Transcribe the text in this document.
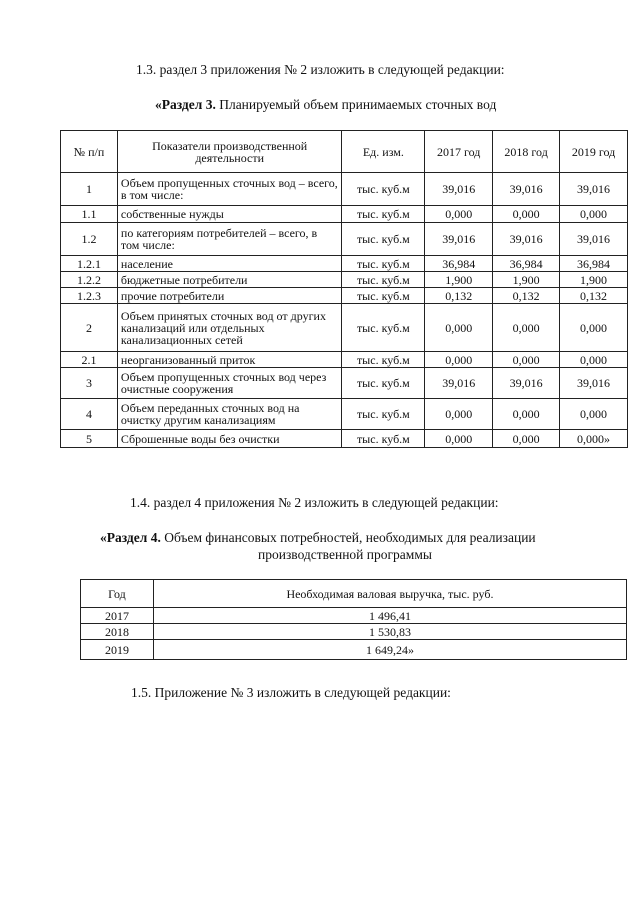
1.3. раздел 3 приложения № 2 изложить в следующей редакции:
«Раздел 3. Планируемый объем принимаемых сточных вод
№ п/п	Показатели производственной деятельности	Ед. изм.	2017 год	2018 год	2019 год
1	Объем пропущенных сточных вод – всего, в том числе:	тыс. куб.м	39,016	39,016	39,016
1.1	собственные нужды	тыс. куб.м	0,000	0,000	0,000
1.2	по категориям потребителей – всего, в том числе:	тыс. куб.м	39,016	39,016	39,016
1.2.1	население	тыс. куб.м	36,984	36,984	36,984
1.2.2	бюджетные потребители	тыс. куб.м	1,900	1,900	1,900
1.2.3	прочие потребители	тыс. куб.м	0,132	0,132	0,132
2	Объем принятых сточных вод от других канализаций или отдельных канализационных сетей	тыс. куб.м	0,000	0,000	0,000
2.1	неорганизованный приток	тыс. куб.м	0,000	0,000	0,000
3	Объем пропущенных сточных вод через очистные сооружения	тыс. куб.м	39,016	39,016	39,016
4	Объем переданных сточных вод на очистку другим канализациям	тыс. куб.м	0,000	0,000	0,000
5	Сброшенные воды без очистки	тыс. куб.м	0,000	0,000	0,000»
1.4. раздел 4 приложения № 2 изложить в следующей редакции:
«Раздел 4. Объем финансовых потребностей, необходимых для реализации
производственной программы
Год	Необходимая валовая выручка, тыс. руб.
2017	1 496,41
2018	1 530,83
2019	1 649,24»
1.5. Приложение № 3 изложить в следующей редакции:
